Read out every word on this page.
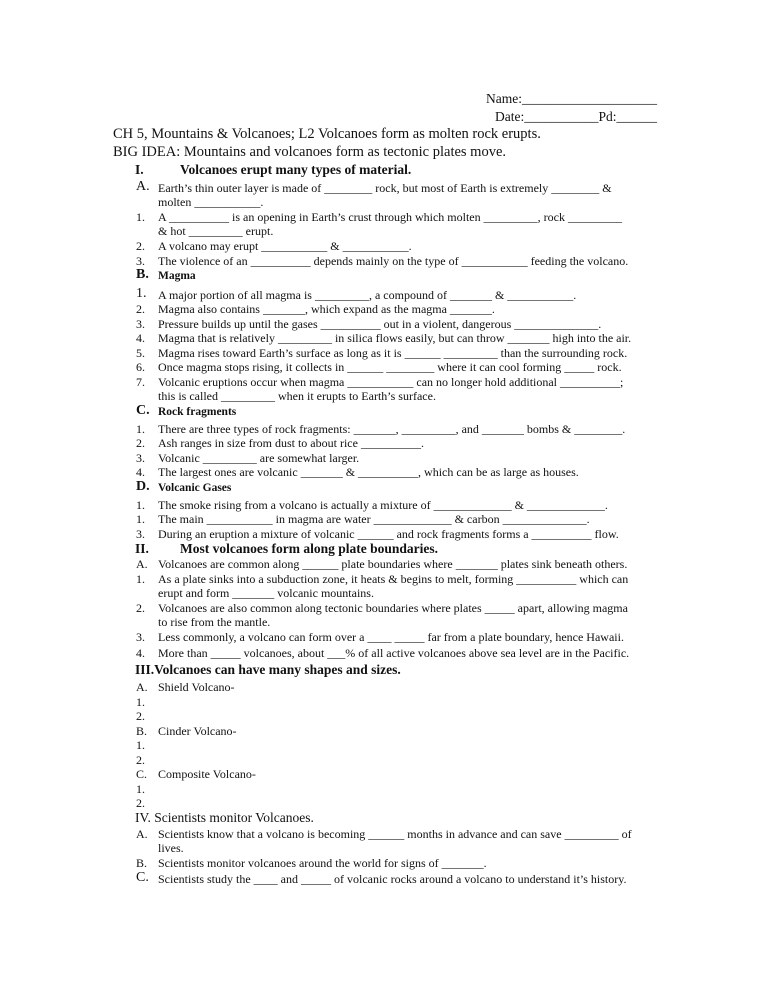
Name:____________________
Date:___________Pd:______
CH 5, Mountains & Volcanoes; L2 Volcanoes form as molten rock erupts.
BIG IDEA: Mountains and volcanoes form as tectonic plates move.
I.	Volcanoes erupt many types of material.
A. Earth’s thin outer layer is made of ________ rock, but most of Earth is extremely ________ &
molten ___________.
1. A __________ is an opening in Earth’s crust through which molten _________, rock _________
& hot _________ erupt.
2. A volcano may erupt ___________ & ___________.
3. The violence of an __________ depends mainly on the type of ___________ feeding the volcano.
B. Magma
1. A major portion of all magma is _________, a compound of _______ & ___________.
2. Magma also contains _______, which expand as the magma _______.
3. Pressure builds up until the gases __________ out in a violent, dangerous ______________.
4. Magma that is relatively _________ in silica flows easily, but can throw _______ high into the air.
5. Magma rises toward Earth’s surface as long as it is ______ _________ than the surrounding rock.
6. Once magma stops rising, it collects in ______ ________ where it can cool forming _____ rock.
7. Volcanic eruptions occur when magma ___________ can no longer hold additional __________;
this is called _________ when it erupts to Earth’s surface.
C. Rock fragments
1. There are three types of rock fragments: _______, _________, and _______ bombs & ________.
2. Ash ranges in size from dust to about rice __________.
3. Volcanic _________ are somewhat larger.
4. The largest ones are volcanic _______ & __________, which can be as large as houses.
D. Volcanic Gases
1. The smoke rising from a volcano is actually a mixture of _____________ & _____________.
1. The main ___________ in magma are water _____________ & carbon ______________.
3. During an eruption a mixture of volcanic ______ and rock fragments forms a __________ flow.
II. Most volcanoes form along plate boundaries.
A. Volcanoes are common along ______ plate boundaries where _______ plates sink beneath others.
1. As a plate sinks into a subduction zone, it heats & begins to melt, forming __________ which can
erupt and form _______ volcanic mountains.
2. Volcanoes are also common along tectonic boundaries where plates _____ apart, allowing magma
to rise from the mantle.
3. Less commonly, a volcano can form over a ____ _____ far from a plate boundary, hence Hawaii.
4. More than _____ volcanoes, about ___% of all active volcanoes above sea level are in the Pacific.
III.Volcanoes can have many shapes and sizes.
A. Shield Volcano-
1.
2.
B. Cinder Volcano-
1.
2.
C. Composite Volcano-
1.
2.
IV. Scientists monitor Volcanoes.
A. Scientists know that a volcano is becoming ______ months in advance and can save _________ of
lives.
B. Scientists monitor volcanoes around the world for signs of _______.
C. Scientists study the ____ and _____ of volcanic rocks around a volcano to understand it’s history.
